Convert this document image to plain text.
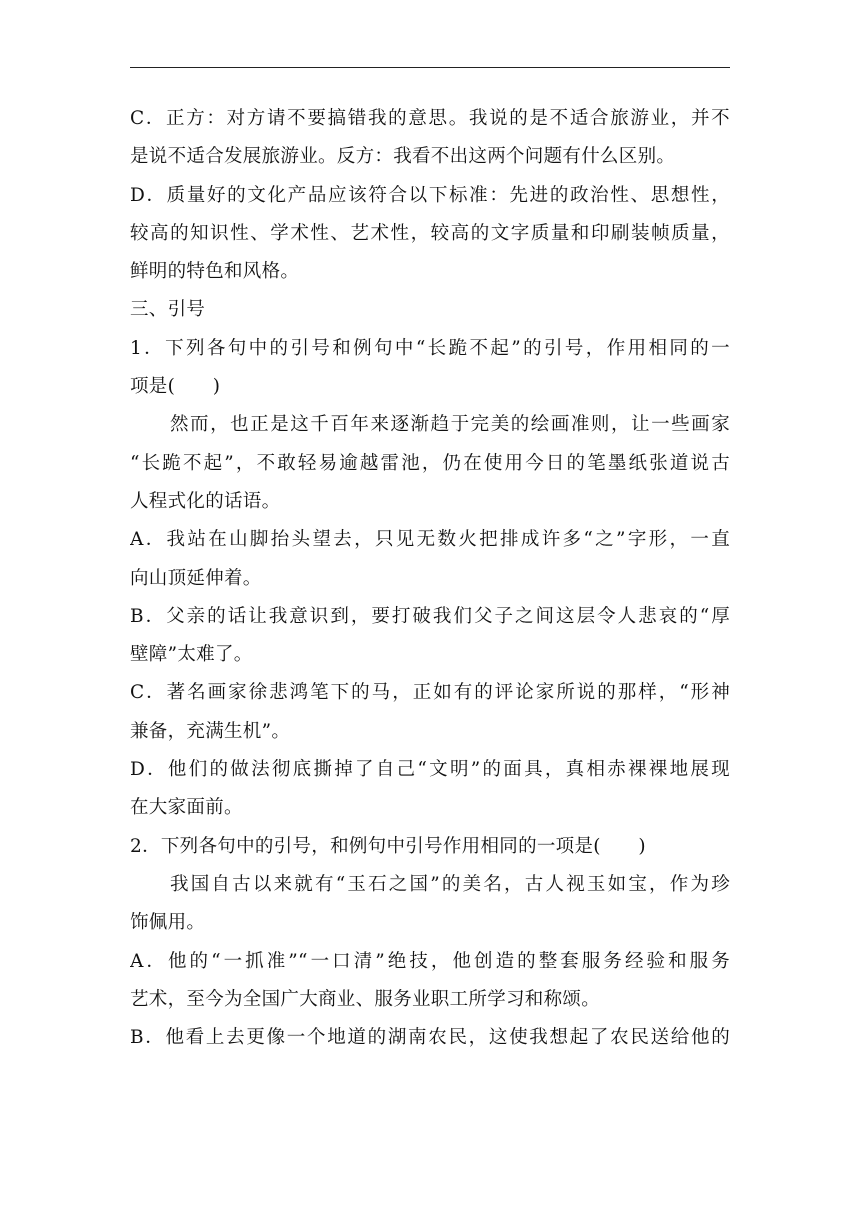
C．正方：对方请不要搞错我的意思。我说的是不适合旅游业，并不
是说不适合发展旅游业。反方：我看不出这两个问题有什么区别。
D．质量好的文化产品应该符合以下标准：先进的政治性、思想性，
较高的知识性、学术性、艺术性，较高的文字质量和印刷装帧质量，
鲜明的特色和风格。
三、引号
1．下列各句中的引号和例句中“长跪不起”的引号，作用相同的一
项是(　　)
然而，也正是这千百年来逐渐趋于完美的绘画准则，让一些画家
“长跪不起”，不敢轻易逾越雷池，仍在使用今日的笔墨纸张道说古
人程式化的话语。
A．我站在山脚抬头望去，只见无数火把排成许多“之”字形，一直
向山顶延伸着。
B．父亲的话让我意识到，要打破我们父子之间这层令人悲哀的“厚
壁障”太难了。
C．著名画家徐悲鸿笔下的马，正如有的评论家所说的那样，“形神
兼备，充满生机”。
D．他们的做法彻底撕掉了自己“文明”的面具，真相赤裸裸地展现
在大家面前。
2．下列各句中的引号，和例句中引号作用相同的一项是(　　)
我国自古以来就有“玉石之国”的美名，古人视玉如宝，作为珍
饰佩用。
A．他的“一抓准”“一口清”绝技，他创造的整套服务经验和服务
艺术，至今为全国广大商业、服务业职工所学习和称颂。
B．他看上去更像一个地道的湖南农民，这使我想起了农民送给他的
